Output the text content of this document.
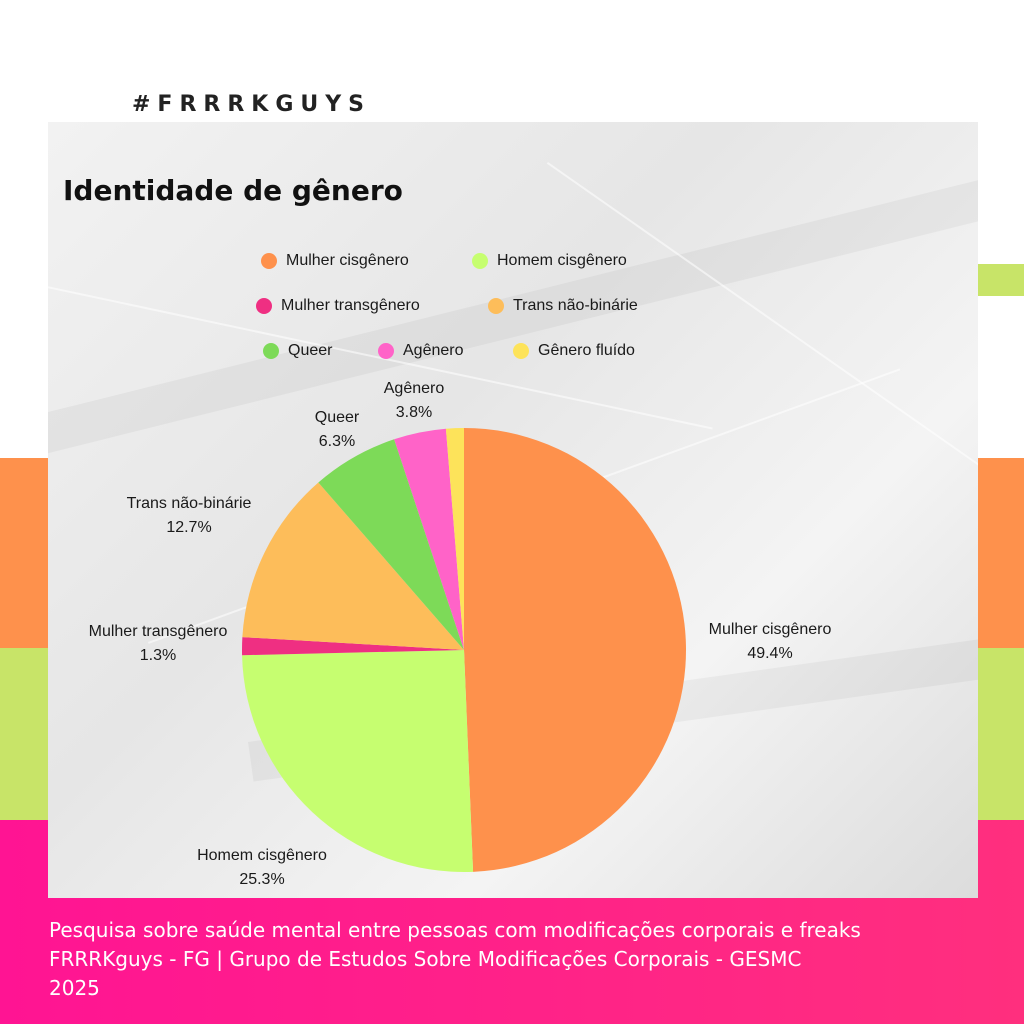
#FRRRKGUYS
Identidade de gênero
Mulher cisgênero	Homem cisgênero
Mulher transgênero	Trans não-binárie
Queer	Agênero	Gênero fluído
Mulher cisgênero
49.4%
Homem cisgênero
25.3%
Mulher transgênero
1.3%
Trans não-binárie
12.7%
Queer
6.3%
Agênero
3.8%
Pesquisa sobre saúde mental entre pessoas com modificações corporais e freaks
FRRRKguys - FG | Grupo de Estudos Sobre Modificações Corporais - GESMC
2025
